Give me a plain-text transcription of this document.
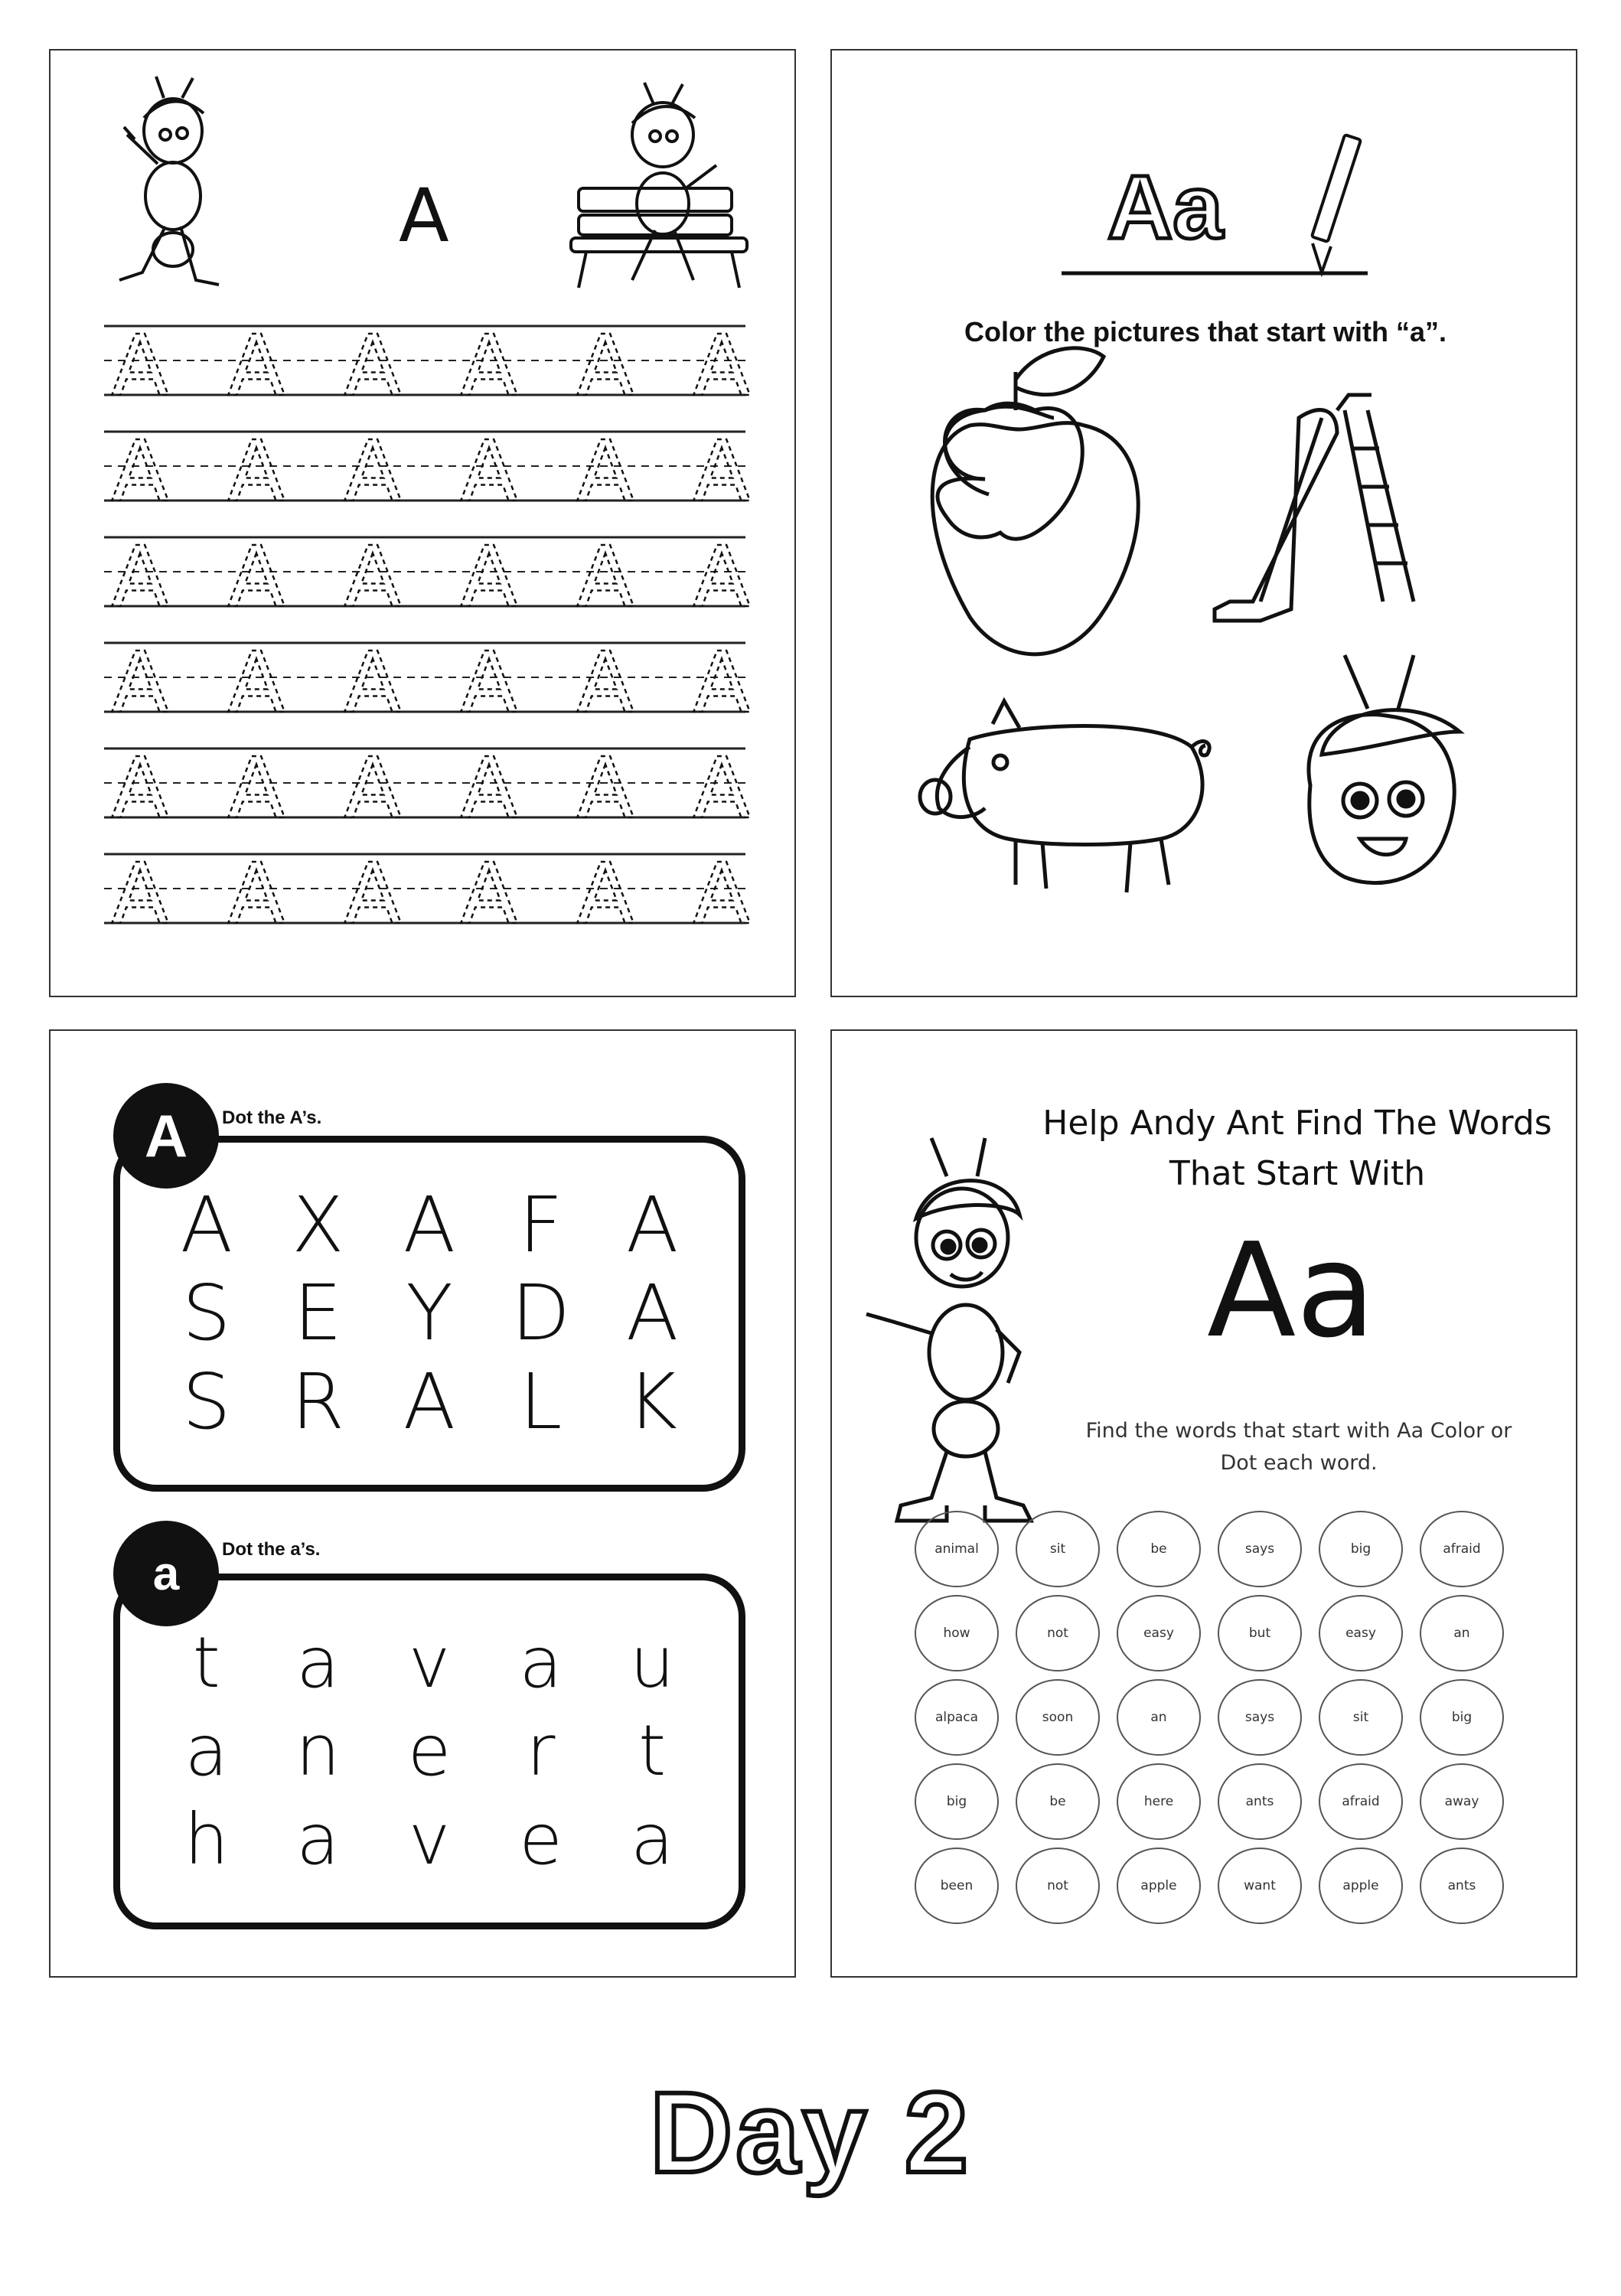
A A A A A A
A A A A A A
A A A A A A
A A A A A A
A A A A A A
A A A A A A
A	Aa
Color the pictures that start with “a”.
A X A F A
S E Y D A
S R A L K
A	Dot the A’s.
t	a v a u
a n e	r	t
h a v e a
a	Dot the a’s.
Help Andy Ant Find The Words That Start With
Aa
Find the words that start with Aa Color or Dot each word.
animal	sit	be	says	big	afraid
how	not	easy	but	easy	an
alpaca	soon	an	says	sit	big
big	be	here	ants	afraid	away
been	not	apple	want	apple	ants
Day 2
